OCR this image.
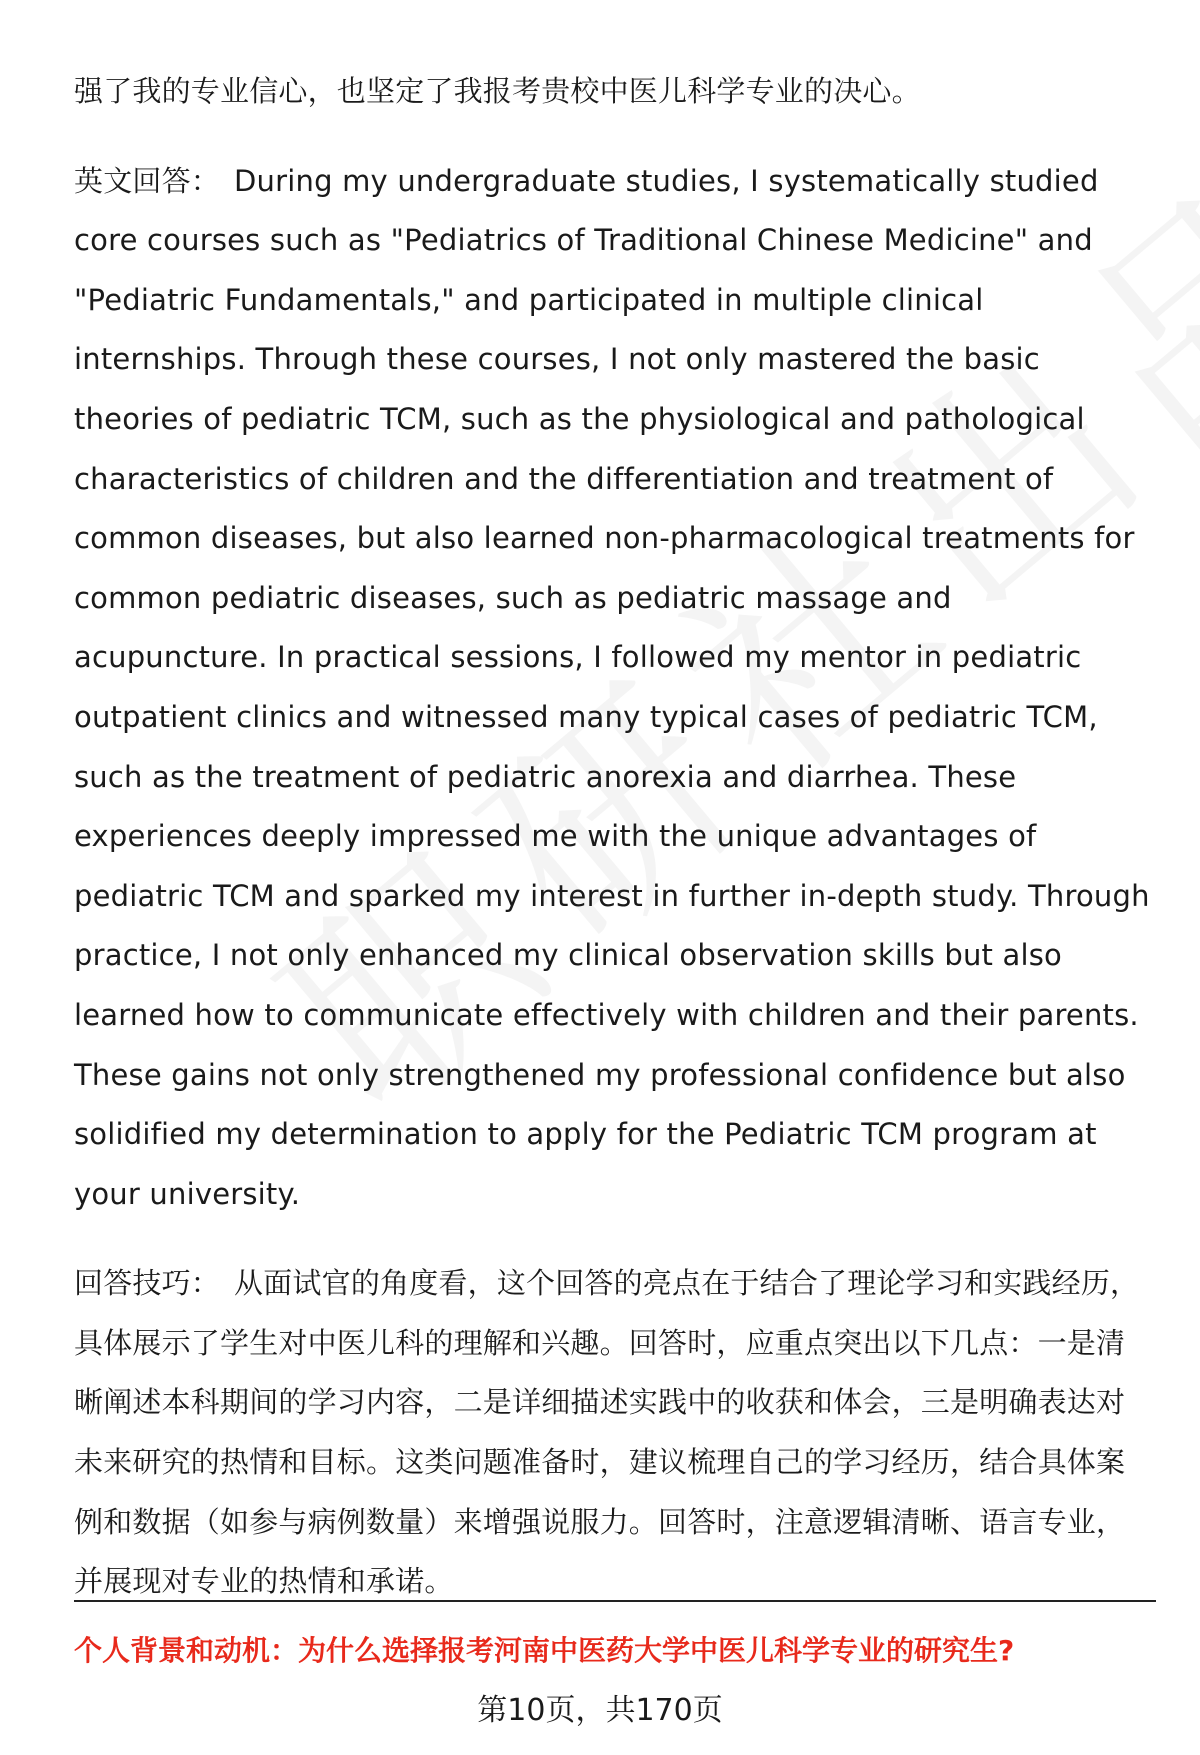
强了我的专业信心，也坚定了我报考贵校中医儿科学专业的决心。

英文回答： During my undergraduate studies, I systematically studied core courses such as "Pediatrics of Traditional Chinese Medicine" and "Pediatric Fundamentals," and participated in multiple clinical internships. Through these courses, I not only mastered the basic theories of pediatric TCM, such as the physiological and pathological characteristics of children and the differentiation and treatment of common diseases, but also learned non-pharmacological treatments for common pediatric diseases, such as pediatric massage and acupuncture. In practical sessions, I followed my mentor in pediatric outpatient clinics and witnessed many typical cases of pediatric TCM, such as the treatment of pediatric anorexia and diarrhea. These experiences deeply impressed me with the unique advantages of pediatric TCM and sparked my interest in further in-depth study. Through practice, I not only enhanced my clinical observation skills but also learned how to communicate effectively with children and their parents. These gains not only strengthened my professional confidence but also solidified my determination to apply for the Pediatric TCM program at your university.

回答技巧： 从面试官的角度看，这个回答的亮点在于结合了理论学习和实践经历，具体展示了学生对中医儿科的理解和兴趣。回答时，应重点突出以下几点：一是清晰阐述本科期间的学习内容，二是详细描述实践中的收获和体会，三是明确表达对未来研究的热情和目标。这类问题准备时，建议梳理自己的学习经历，结合具体案例和数据（如参与病例数量）来增强说服力。回答时，注意逻辑清晰、语言专业，并展现对专业的热情和承诺。

个人背景和动机：为什么选择报考河南中医药大学中医儿科学专业的研究生?
第10页，共170页
